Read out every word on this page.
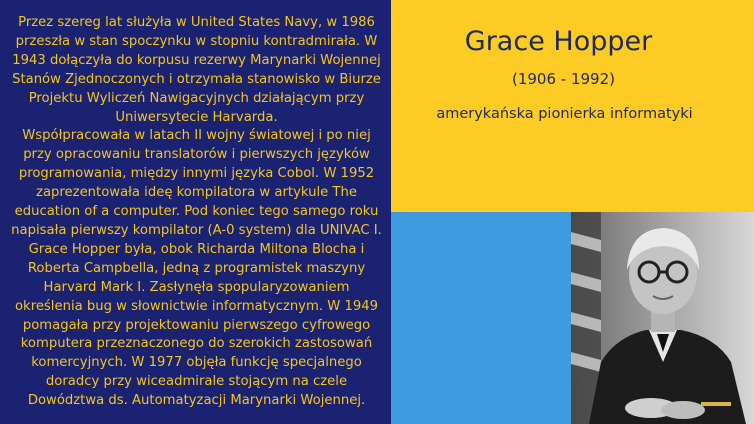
Przez szereg lat służyła w United States Navy, w 1986 przeszła w stan spoczynku w stopniu kontradmirała. W 1943 dołączyła do korpusu rezerwy Marynarki Wojennej Stanów Zjednoczonych i otrzymała stanowisko w Biurze Projektu Wyliczeń Nawigacyjnych działającym przy Uniwersytecie Harvarda.

Współpracowała w latach II wojny światowej i po niej przy opracowaniu translatorów i pierwszych języków programowania, między innymi języka Cobol. W 1952 zaprezentowała ideę kompilatora w artykule The education of a computer. Pod koniec tego samego roku napisała pierwszy kompilator (A-0 system) dla UNIVAC I.

Grace Hopper była, obok Richarda Miltona Blocha i Roberta Campbella, jedną z programistek maszyny Harvard Mark I. Zasłynęła spopularyzowaniem określenia bug w słownictwie informatycznym. W 1949 pomagała przy projektowaniu pierwszego cyfrowego komputera przeznaczonego do szerokich zastosowań komercyjnych. W 1977 objęła funkcję specjalnego doradcy przy wiceadmirale stojącym na czele Dowództwa ds. Automatyzacji Marynarki Wojennej.

Grace Hopper
(1906 - 1992)
amerykańska pionierka informatyki
